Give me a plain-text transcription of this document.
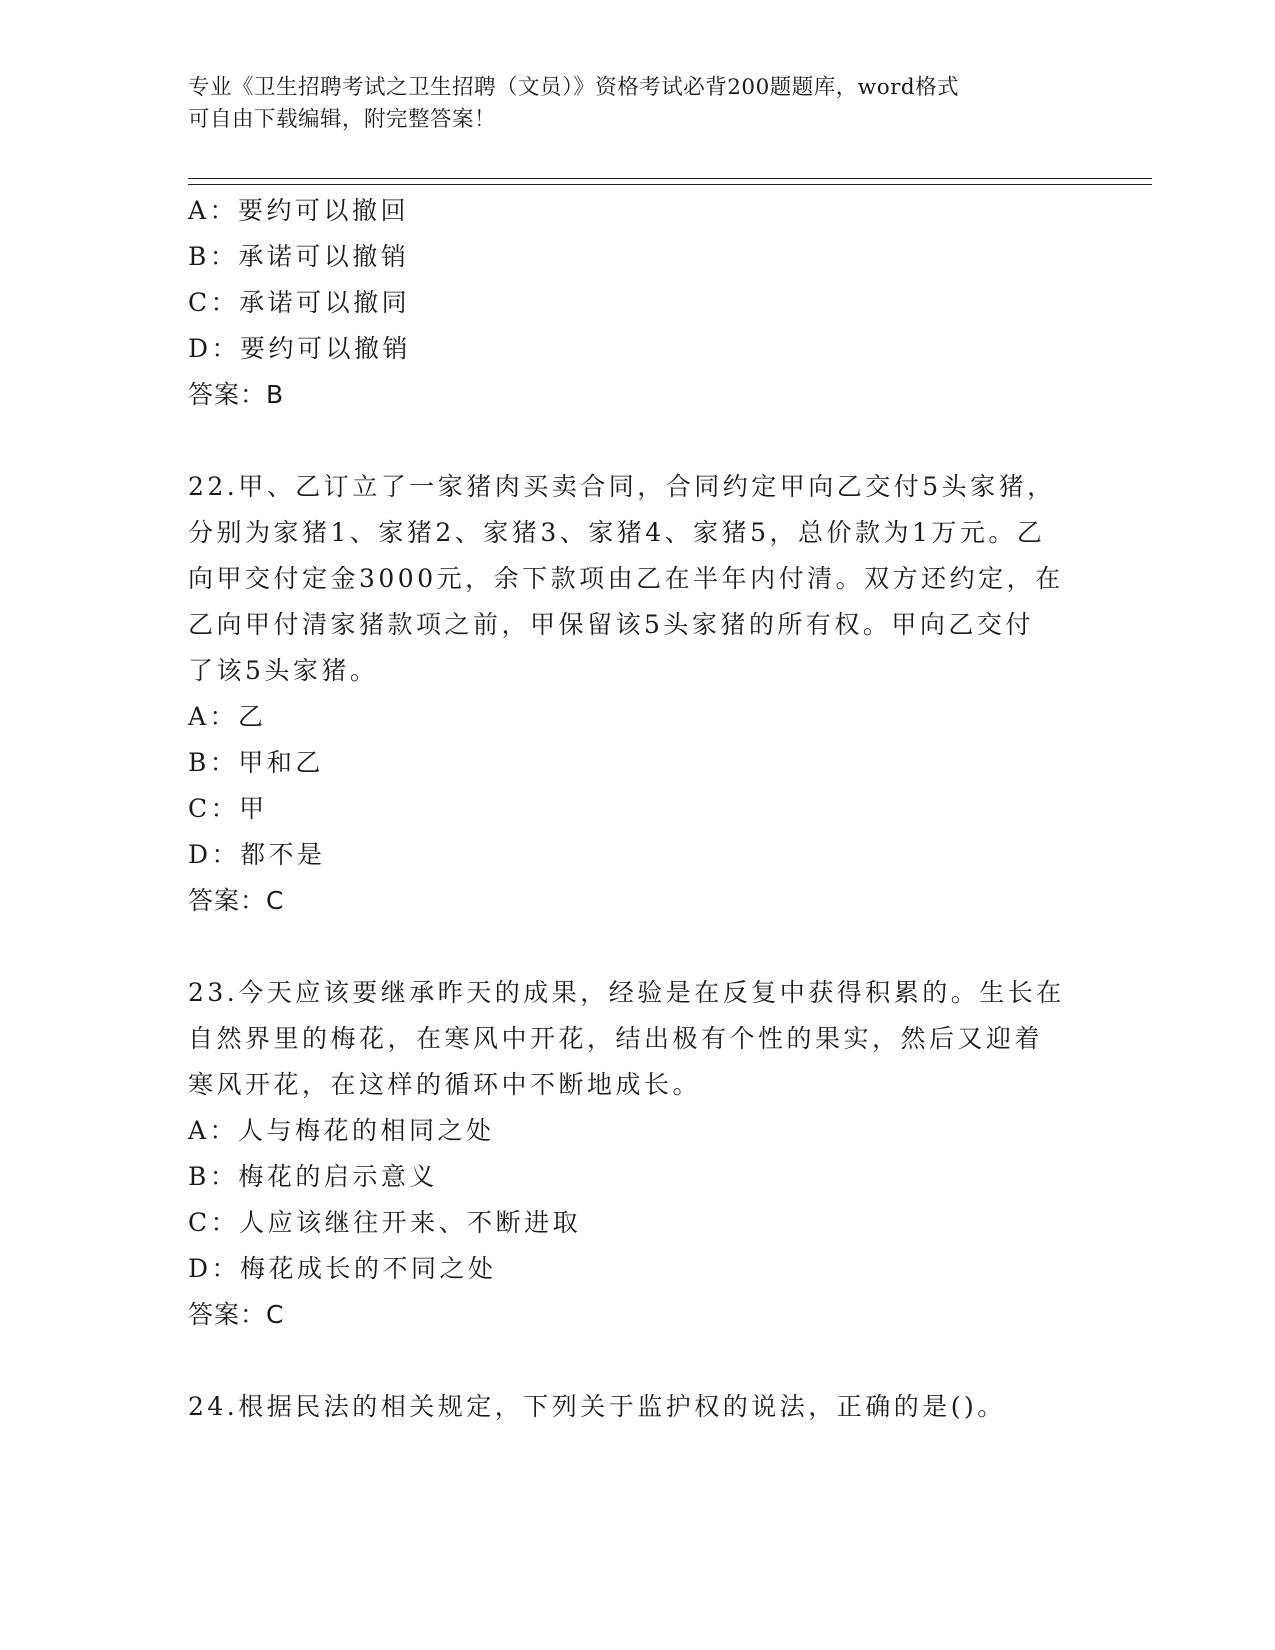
专业《卫生招聘考试之卫生招聘（文员）》资格考试必背200题题库，word格式

可自由下载编辑，附完整答案！

A：要约可以撤回
B：承诺可以撤销
C：承诺可以撤同
D：要约可以撤销
答案：B
22.甲、乙订立了一家猪肉买卖合同，合同约定甲向乙交付5头家猪，
分别为家猪1、家猪2、家猪3、家猪4、家猪5，总价款为1万元。乙
向甲交付定金3000元，余下款项由乙在半年内付清。双方还约定，在
乙向甲付清家猪款项之前，甲保留该5头家猪的所有权。甲向乙交付
了该5头家猪。
A：乙
B：甲和乙
C：甲
D：都不是
答案：C
23.今天应该要继承昨天的成果，经验是在反复中获得积累的。生长在
自然界里的梅花，在寒风中开花，结出极有个性的果实，然后又迎着
寒风开花，在这样的循环中不断地成长。
A：人与梅花的相同之处
B：梅花的启示意义
C：人应该继往开来、不断进取
D：梅花成长的不同之处
答案：C
24.根据民法的相关规定，下列关于监护权的说法，正确的是()。
